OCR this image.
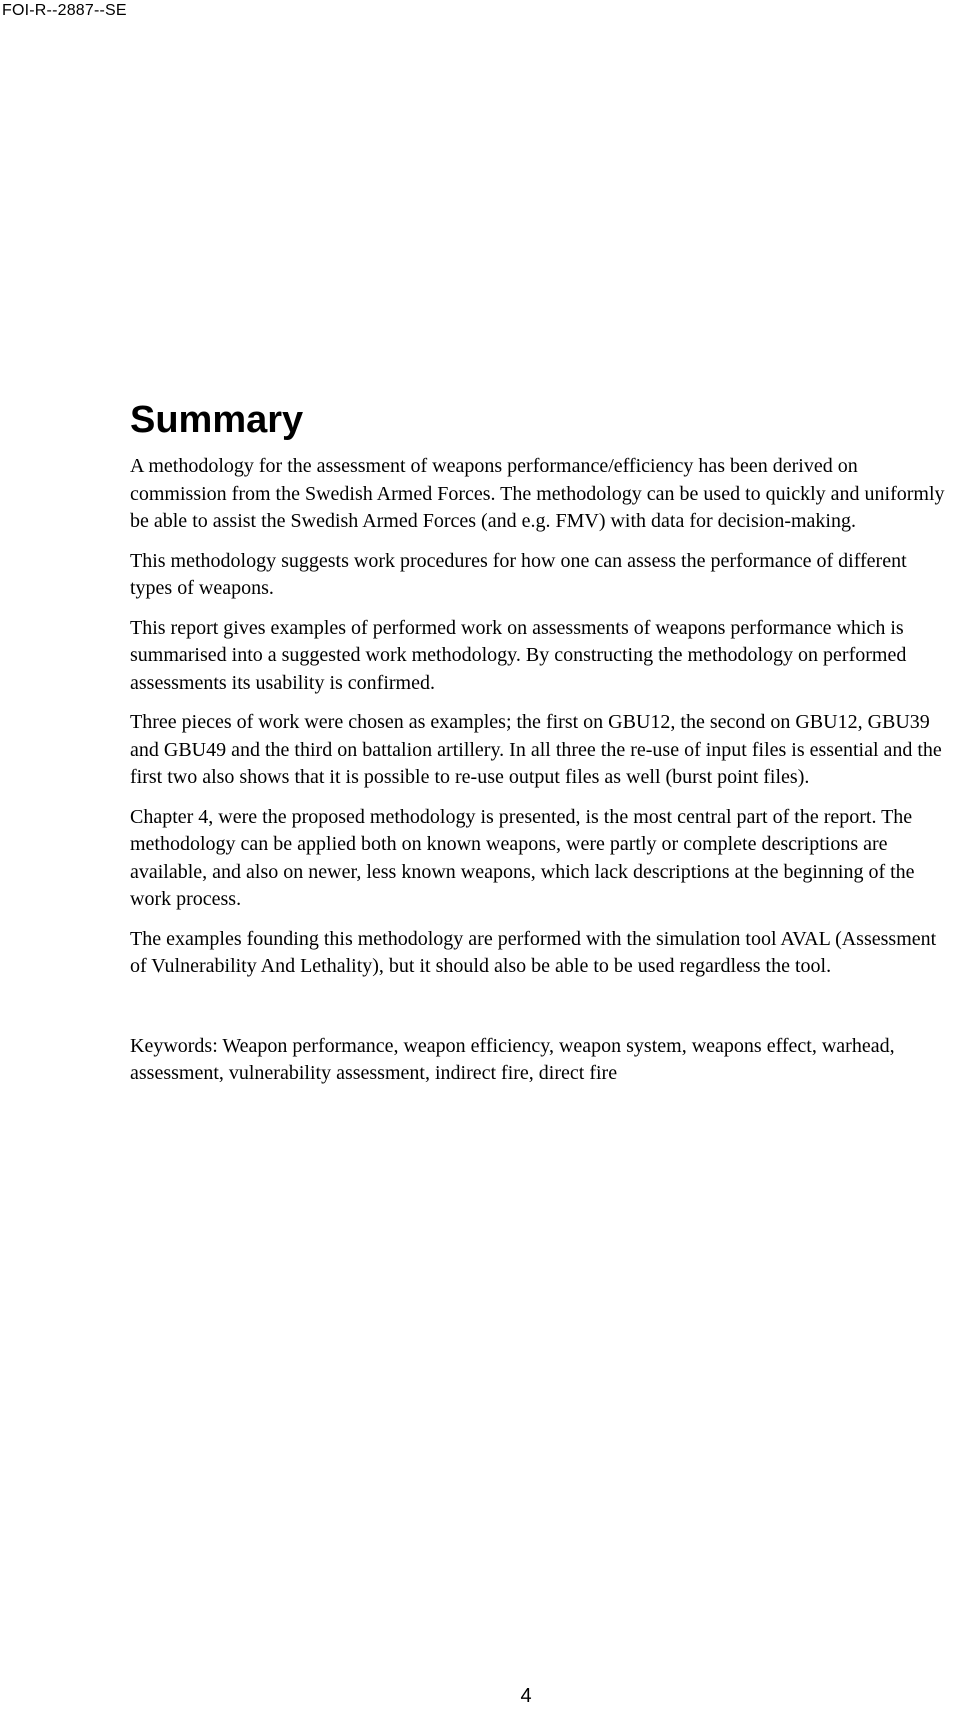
FOI-R--2887--SE
Summary

A methodology for the assessment of weapons performance/efficiency has been derived on commission from the Swedish Armed Forces. The methodology can be used to quickly and uniformly be able to assist the Swedish Armed Forces (and e.g. FMV) with data for decision-making.

This methodology suggests work procedures for how one can assess the performance of different types of weapons.

This report gives examples of performed work on assessments of weapons performance which is summarised into a suggested work methodology. By constructing the methodology on performed assessments its usability is confirmed.

Three pieces of work were chosen as examples; the first on GBU12, the second on GBU12, GBU39 and GBU49 and the third on battalion artillery. In all three the re-use of input files is essential and the first two also shows that it is possible to re-use output files as well (burst point files).

Chapter 4, were the proposed methodology is presented, is the most central part of the report. The methodology can be applied both on known weapons, were partly or complete descriptions are available, and also on newer, less known weapons, which lack descriptions at the beginning of the work process.

The examples founding this methodology are performed with the simulation tool AVAL (Assessment of Vulnerability And Lethality), but it should also be able to be used regardless the tool.

Keywords: Weapon performance, weapon efficiency, weapon system, weapons effect, warhead, assessment, vulnerability assessment, indirect fire, direct fire

4
